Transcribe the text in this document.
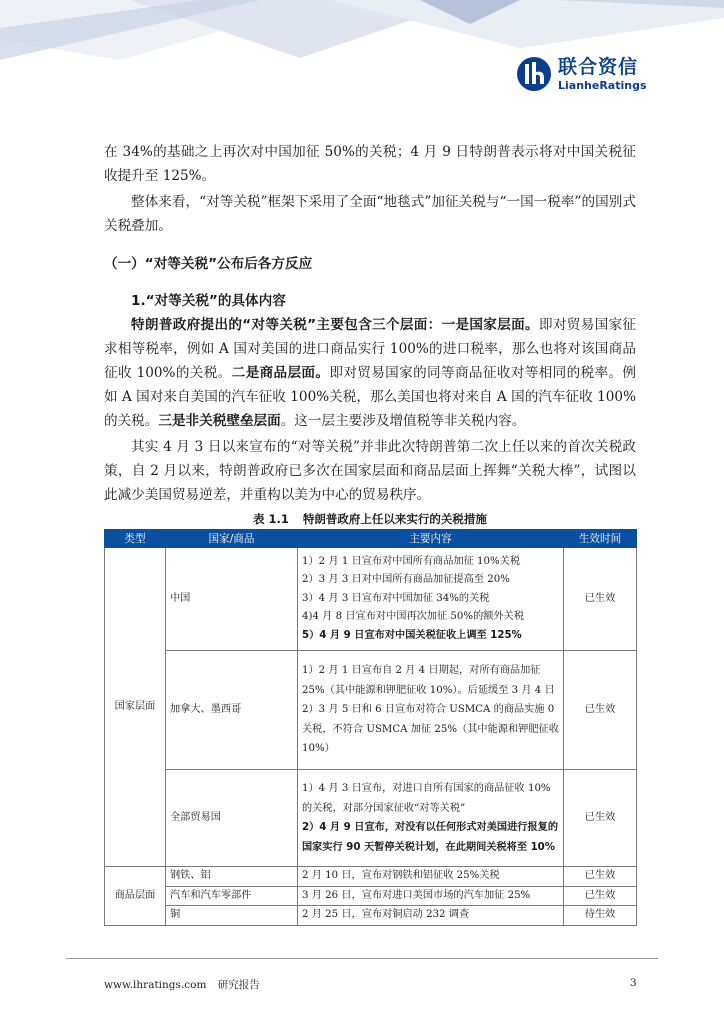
联合资信
LianheRatings

在 34%的基础之上再次对中国加征 50%的关税；4 月 9 日特朗普表示将对中国关税征收提升至 125%。

整体来看，“对等关税”框架下采用了全面“地毯式”加征关税与“一国一税率”的国别式关税叠加。

（一）“对等关税”公布后各方反应

1.“对等关税”的具体内容

特朗普政府提出的“对等关税”主要包含三个层面：一是国家层面。即对贸易国家征求相等税率，例如 A 国对美国的进口商品实行 100%的进口税率，那么也将对该国商品征收 100%的关税。二是商品层面。即对贸易国家的同等商品征收对等相同的税率。例如 A 国对来自美国的汽车征收 100%关税，那么美国也将对来自 A 国的汽车征收 100%的关税。三是非关税壁垒层面。这一层主要涉及增值税等非关税内容。

其实 4 月 3 日以来宣布的“对等关税”并非此次特朗普第二次上任以来的首次关税政策，自 2 月以来，特朗普政府已多次在国家层面和商品层面上挥舞“关税大棒”，试图以此减少美国贸易逆差，并重构以美为中心的贸易秩序。

表 1.1 特朗普政府上任以来实行的关税措施
类型	国家/商品	主要内容	生效时间
国家层面	中国	1）2 月 1 日宣布对中国所有商品加征 10%关税
2）3 月 3 日对中国所有商品加征提高至 20%
3）4 月 3 日宣布对中国加征 34%的关税
4)4 月 8 日宣布对中国再次加征 50%的额外关税
5）4 月 9 日宣布对中国关税征收上调至 125%	已生效
	加拿大、墨西哥	1）2 月 1 日宣布自 2 月 4 日期起，对所有商品加征 25%（其中能源和钾肥征收 10%）。后延缓至 3 月 4 日
2）3 月 5 日和 6 日宣布对符合 USMCA 的商品实施 0 关税，不符合 USMCA 加征 25%（其中能源和钾肥征收 10%）	已生效
	全部贸易国	1）4 月 3 日宣布，对进口自所有国家的商品征收 10%的关税，对部分国家征收“对等关税”
2）4 月 9 日宣布，对没有以任何形式对美国进行报复的国家实行 90 天暂停关税计划，在此期间关税将至 10%	已生效
商品层面	钢铁、铝	2 月 10 日，宣布对钢铁和铝征收 25%关税	已生效
	汽车和汽车零部件	3 月 26 日，宣布对进口美国市场的汽车加征 25%	已生效
	铜	2 月 25 日，宣布对铜启动 232 调查	待生效
www.lhratings.com 研究报告	3
